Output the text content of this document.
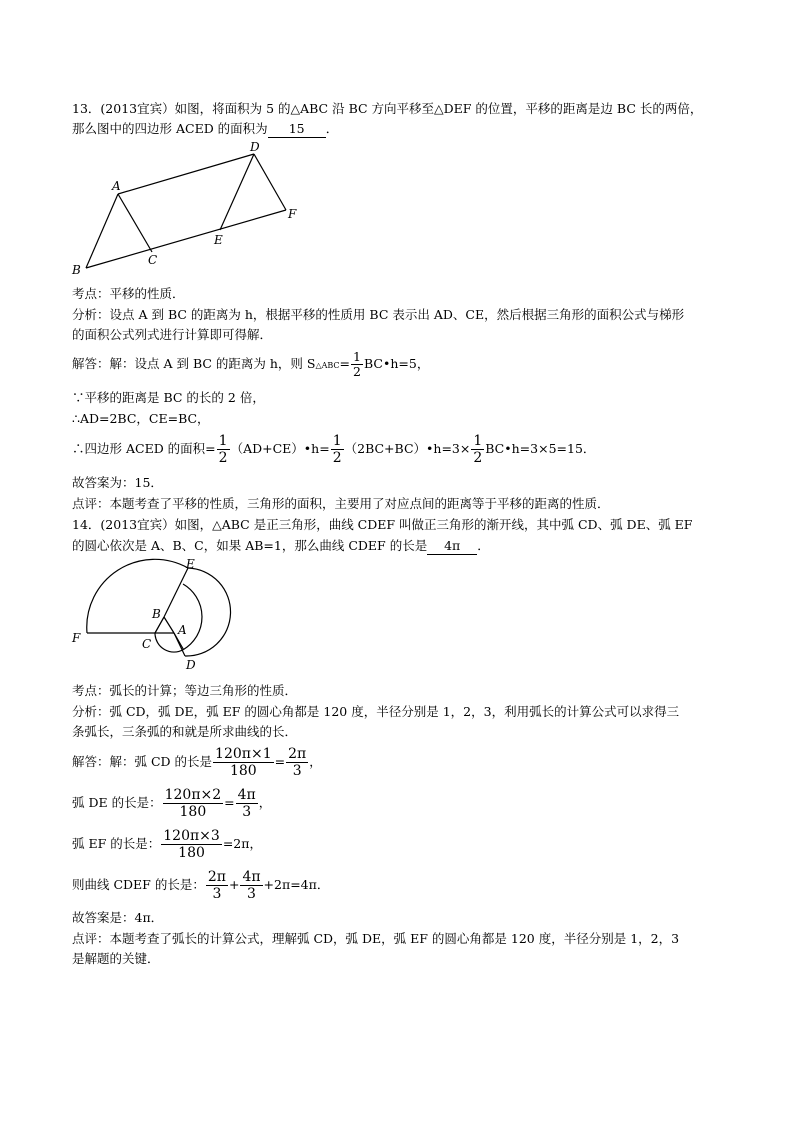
13．(2013宜宾）如图，将面积为 5 的△ABC 沿 BC 方向平移至△DEF 的位置，平移的距离是边 BC 长的两倍，
那么图中的四边形 ACED 的面积为 15 ．
A
B
C
D
E
F
考点：平移的性质．
分析：设点 A 到 BC 的距离为 h，根据平移的性质用 BC 表示出 AD、CE，然后根据三角形的面积公式与梯形
的面积公式列式进行计算即可得解．
解答：解：设点 A 到 BC 的距离为 h，则 S△ABC= $\frac{1}{2}$ BC•h=5，
∵平移的距离是 BC 的长的 2 倍，
∴AD=2BC，CE=BC，
∴四边形 ACED 的面积= $\frac{1}{2}$ （AD+CE）•h= $\frac{1}{2}$ （2BC+BC）•h=3× $\frac{1}{2}$ BC•h=3×5=15．
故答案为：15．
点评：本题考查了平移的性质，三角形的面积，主要用了对应点间的距离等于平移的距离的性质．
14．(2013宜宾）如图，△ABC 是正三角形，曲线 CDEF 叫做正三角形的渐开线，其中弧 CD、弧 DE、弧 EF
的圆心依次是 A、B、C，如果 AB=1，那么曲线 CDEF 的长是 4π ．
E
B
A
C
F
D
考点：弧长的计算；等边三角形的性质．
分析：弧 CD，弧 DE，弧 EF 的圆心角都是 120 度，半径分别是 1，2，3，利用弧长的计算公式可以求得三
条弧长，三条弧的和就是所求曲线的长．
解答：解：弧 CD 的长是 $\frac{120\pi\times 1}{180} = \frac{2\pi}{3}$ ，
弧 DE 的长是： $\frac{120\pi\times 2}{180} = \frac{4\pi}{3}$ ，
弧 EF 的长是： $\frac{120\pi\times 3}{180} =2\pi$，
则曲线 CDEF 的长是： $\frac{2\pi}{3} + \frac{4\pi}{3} +2\pi=4\pi$．
故答案是：4π．
点评：本题考查了弧长的计算公式，理解弧 CD，弧 DE，弧 EF 的圆心角都是 120 度，半径分别是 1，2，3
是解题的关键．
